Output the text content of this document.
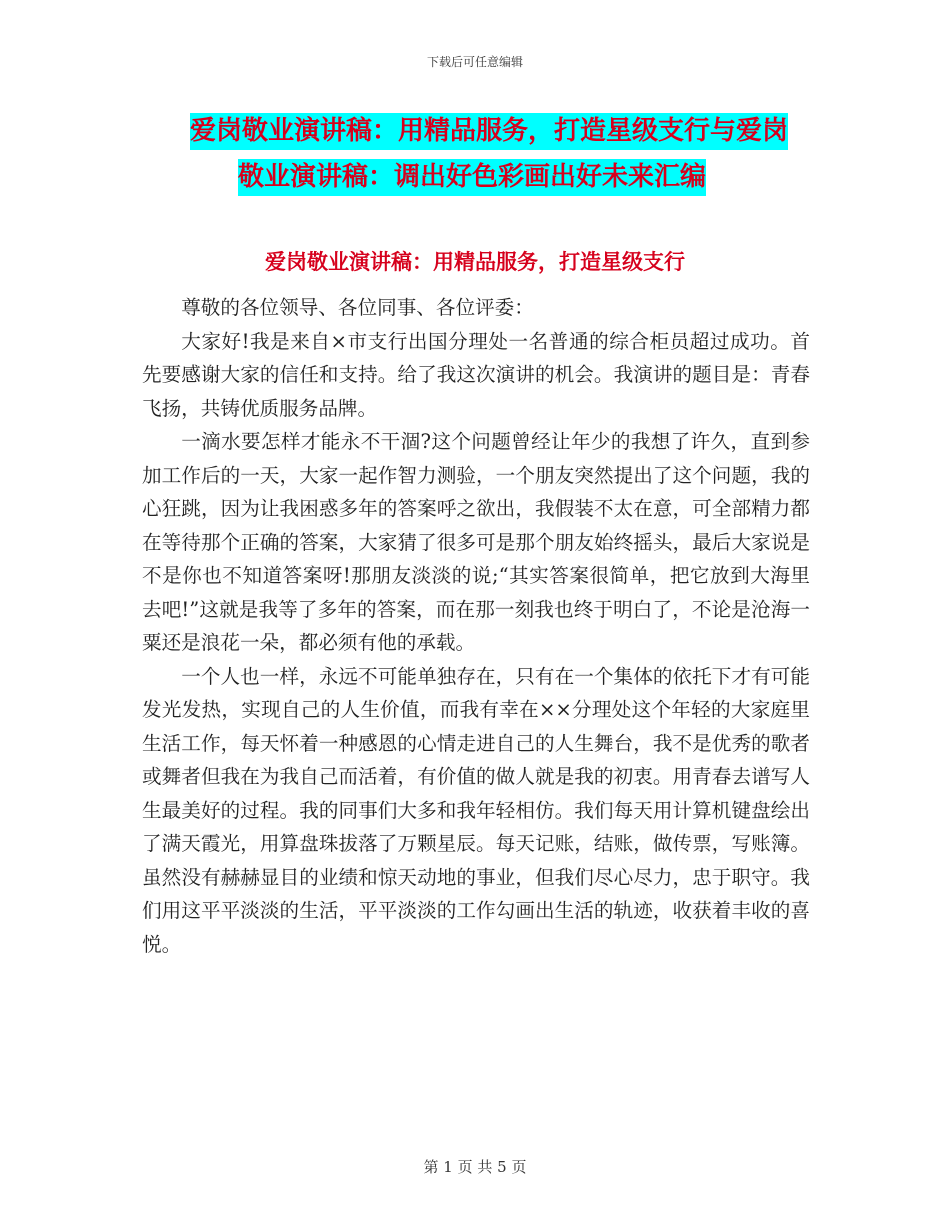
下载后可任意编辑
爱岗敬业演讲稿：用精品服务，打造星级支行与爱岗
敬业演讲稿：调出好色彩画出好未来汇编
爱岗敬业演讲稿：用精品服务，打造星级支行

尊敬的各位领导、各位同事、各位评委：

大家好!我是来自×市支行出国分理处一名普通的综合柜员超过成功。首先要感谢大家的信任和支持。给了我这次演讲的机会。我演讲的题目是：青春飞扬，共铸优质服务品牌。

一滴水要怎样才能永不干涸?这个问题曾经让年少的我想了许久，直到参加工作后的一天，大家一起作智力测验，一个朋友突然提出了这个问题，我的心狂跳，因为让我困惑多年的答案呼之欲出，我假装不太在意，可全部精力都在等待那个正确的答案，大家猜了很多可是那个朋友始终摇头，最后大家说是不是你也不知道答案呀!那朋友淡淡的说;“其实答案很简单，把它放到大海里去吧!”这就是我等了多年的答案，而在那一刻我也终于明白了，不论是沧海一粟还是浪花一朵，都必须有他的承载。

一个人也一样，永远不可能单独存在，只有在一个集体的依托下才有可能发光发热，实现自己的人生价值，而我有幸在××分理处这个年轻的大家庭里生活工作，每天怀着一种感恩的心情走进自己的人生舞台，我不是优秀的歌者或舞者但我在为我自己而活着，有价值的做人就是我的初衷。用青春去谱写人生最美好的过程。我的同事们大多和我年轻相仿。我们每天用计算机键盘绘出了满天霞光，用算盘珠拔落了万颗星辰。每天记账，结账，做传票，写账簿。虽然没有赫赫显目的业绩和惊天动地的事业，但我们尽心尽力，忠于职守。我们用这平平淡淡的生活，平平淡淡的工作勾画出生活的轨迹，收获着丰收的喜悦。

第 1 页 共 5 页
